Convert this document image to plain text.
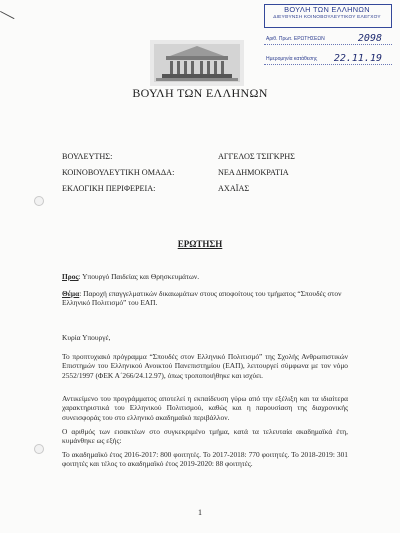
╲	ΒΟΥΛΗ ΤΩΝ ΕΛΛΗΝΩΝ
ΔΙΕΥΘΥΝΣΗ ΚΟΙΝΟΒΟΥΛΕΥΤΙΚΟΥ ΕΛΕΓΧΟΥ
Αριθ. Πρωτ. ΕΡΩΤΗΣΕΩΝ	2098
Ημερομηνία κατάθεσης 22.11.19
ΒΟΥΛΗ ΤΩΝ ΕΛΛΗΝΩΝ
ΒΟΥΛΕΥΤΗΣ:	ΑΓΓΕΛΟΣ ΤΣΙΓΚΡΗΣ
ΚΟΙΝΟΒΟΥΛΕΥΤΙΚΗ ΟΜΑΔΑ:	ΝΕΑ ΔΗΜΟΚΡΑΤΙΑ
ΕΚΛΟΓΙΚΗ ΠΕΡΙΦΕΡΕΙΑ:	ΑΧΑΪΑΣ
ΕΡΩΤΗΣΗ
Προς: Υπουργό Παιδείας και Θρησκευμάτων.
Θέμα: Παροχή επαγγελματικών δικαιωμάτων στους αποφοίτους του τμήματος “Σπουδές στον Ελληνικό Πολιτισμό” του ΕΑΠ.
Κυρία Υπουργέ,
Το προπτυχιακό πρόγραμμα “Σπουδές στον Ελληνικό Πολιτισμό” της Σχολής Ανθρωπιστικών Επιστημών του Ελληνικού Ανοικτού Πανεπιστημίου (ΕΑΠ), λειτουργεί σύμφωνα με τον νόμο 2552/1997 (ΦΕΚ Α΄266/24.12.97), όπως τροποποιήθηκε και ισχύει.
Αντικείμενο του προγράμματος αποτελεί η εκπαίδευση γύρω από την εξέλιξη και τα ιδιαίτερα χαρακτηριστικά του Ελληνικού Πολιτισμού, καθώς και η παρουσίαση της διαχρονικής συνεισφοράς του στο ελληνικό ακαδημαϊκό περιβάλλον.
Ο αριθμός των εισακτέων στο συγκεκριμένο τμήμα, κατά τα τελευταία ακαδημαϊκά έτη, κυμάνθηκε ως εξής:
Το ακαδημαϊκό έτος 2016-2017: 800 φοιτητές. Το 2017-2018: 770 φοιτητές. Το 2018-2019: 301 φοιτητές και τέλος το ακαδημαϊκό έτος 2019-2020: 88 φοιτητές.
1
